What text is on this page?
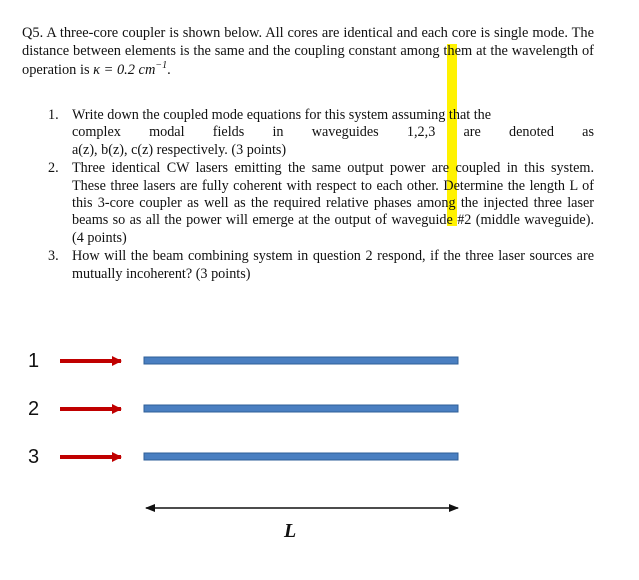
Q5. A three-core coupler is shown below. All cores are identical and each core is single mode. The distance between elements is the same and the coupling constant among them at the wavelength of operation is κ = 0.2 $cm^{-1}$.

1. Write down the coupled mode equations for this system assuming that the
complex modal fields in waveguides 1,2,3 are denoted as
a(z), b(z), c(z) respectively. (3 points)
2. Three identical CW lasers emitting the same output power are coupled in this system. These three lasers are fully coherent with respect to each other. Determine the length L of this 3-core coupler as well as the required relative phases among the injected three laser beams so as all the power will emerge at the output of waveguide #2 (middle waveguide). (4 points)
3. How will the beam combining system in question 2 respond, if the three laser sources are mutually incoherent? (3 points)
1
2
3
L
